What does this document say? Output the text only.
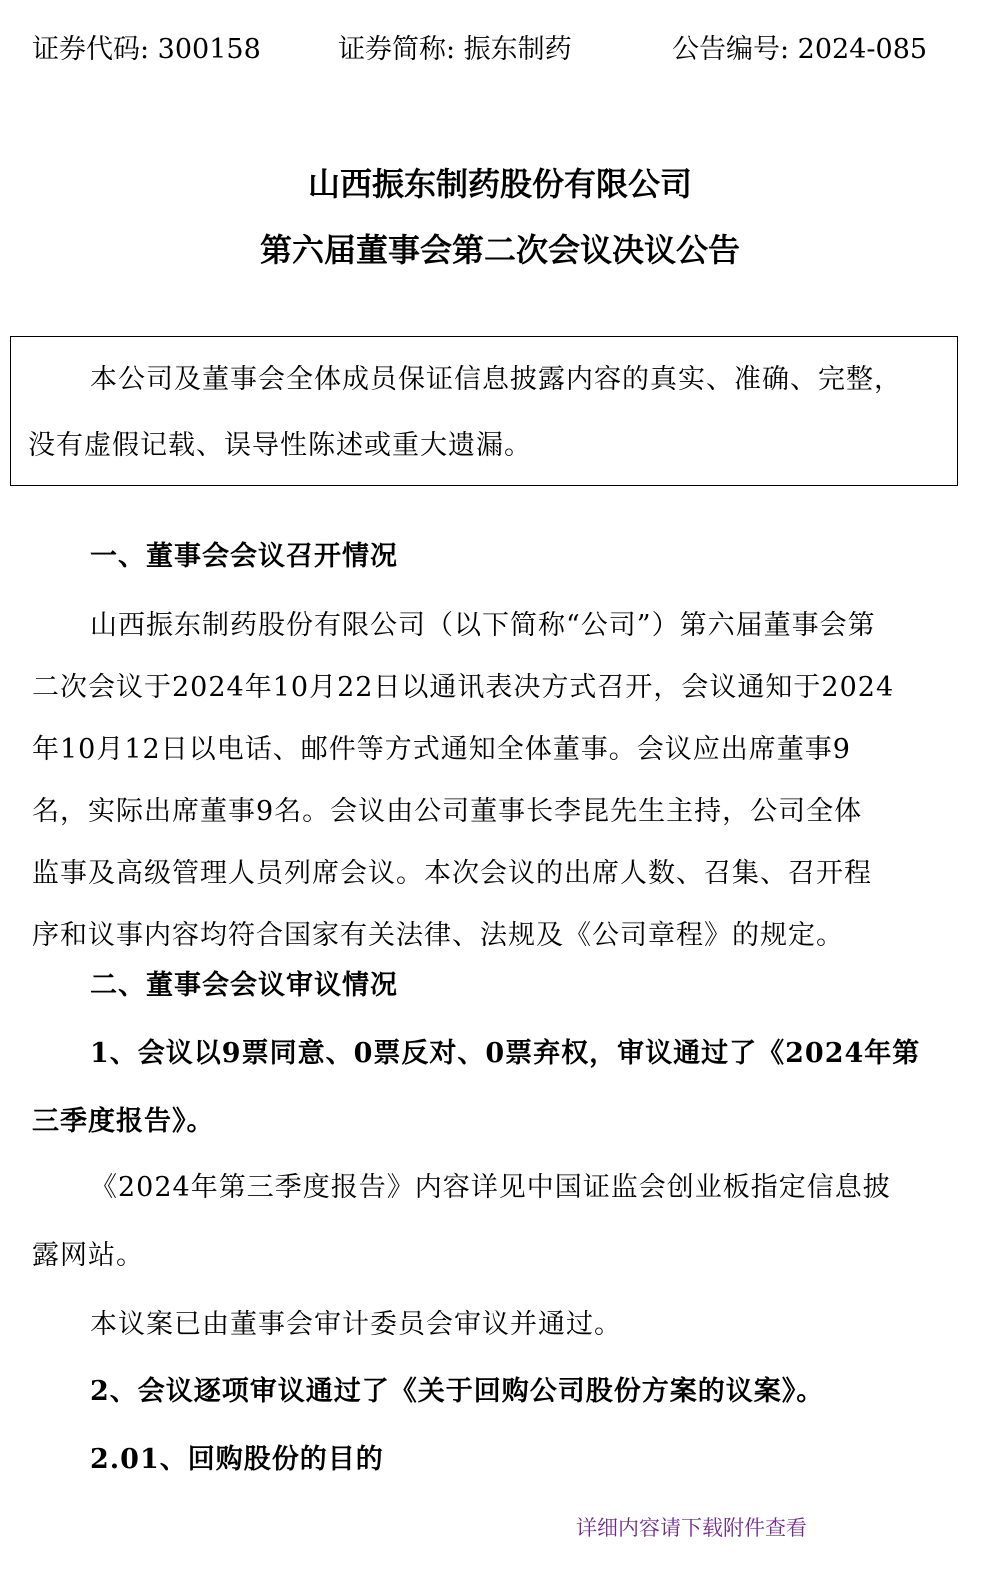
证券代码: 300158	证券简称: 振东制药	公告编号: 2024-085
山西振东制药股份有限公司
第六届董事会第二次会议决议公告
本公司及董事会全体成员保证信息披露内容的真实、准确、完整，
没有虚假记载、误导性陈述或重大遗漏。
一、董事会会议召开情况
山西振东制药股份有限公司（以下简称“公司”）第六届董事会第
二次会议于2024年10月22日以通讯表决方式召开，会议通知于2024
年10月12日以电话、邮件等方式通知全体董事。会议应出席董事9
名，实际出席董事9名。会议由公司董事长李昆先生主持，公司全体
监事及高级管理人员列席会议。本次会议的出席人数、召集、召开程
序和议事内容均符合国家有关法律、法规及《公司章程》的规定。
二、董事会会议审议情况
1、会议以9票同意、0票反对、0票弃权，审议通过了《2024年第
三季度报告》。
《2024年第三季度报告》内容详见中国证监会创业板指定信息披
露网站。
本议案已由董事会审计委员会审议并通过。
2、会议逐项审议通过了《关于回购公司股份方案的议案》。
2.01、回购股份的目的
详细内容请下载附件查看
